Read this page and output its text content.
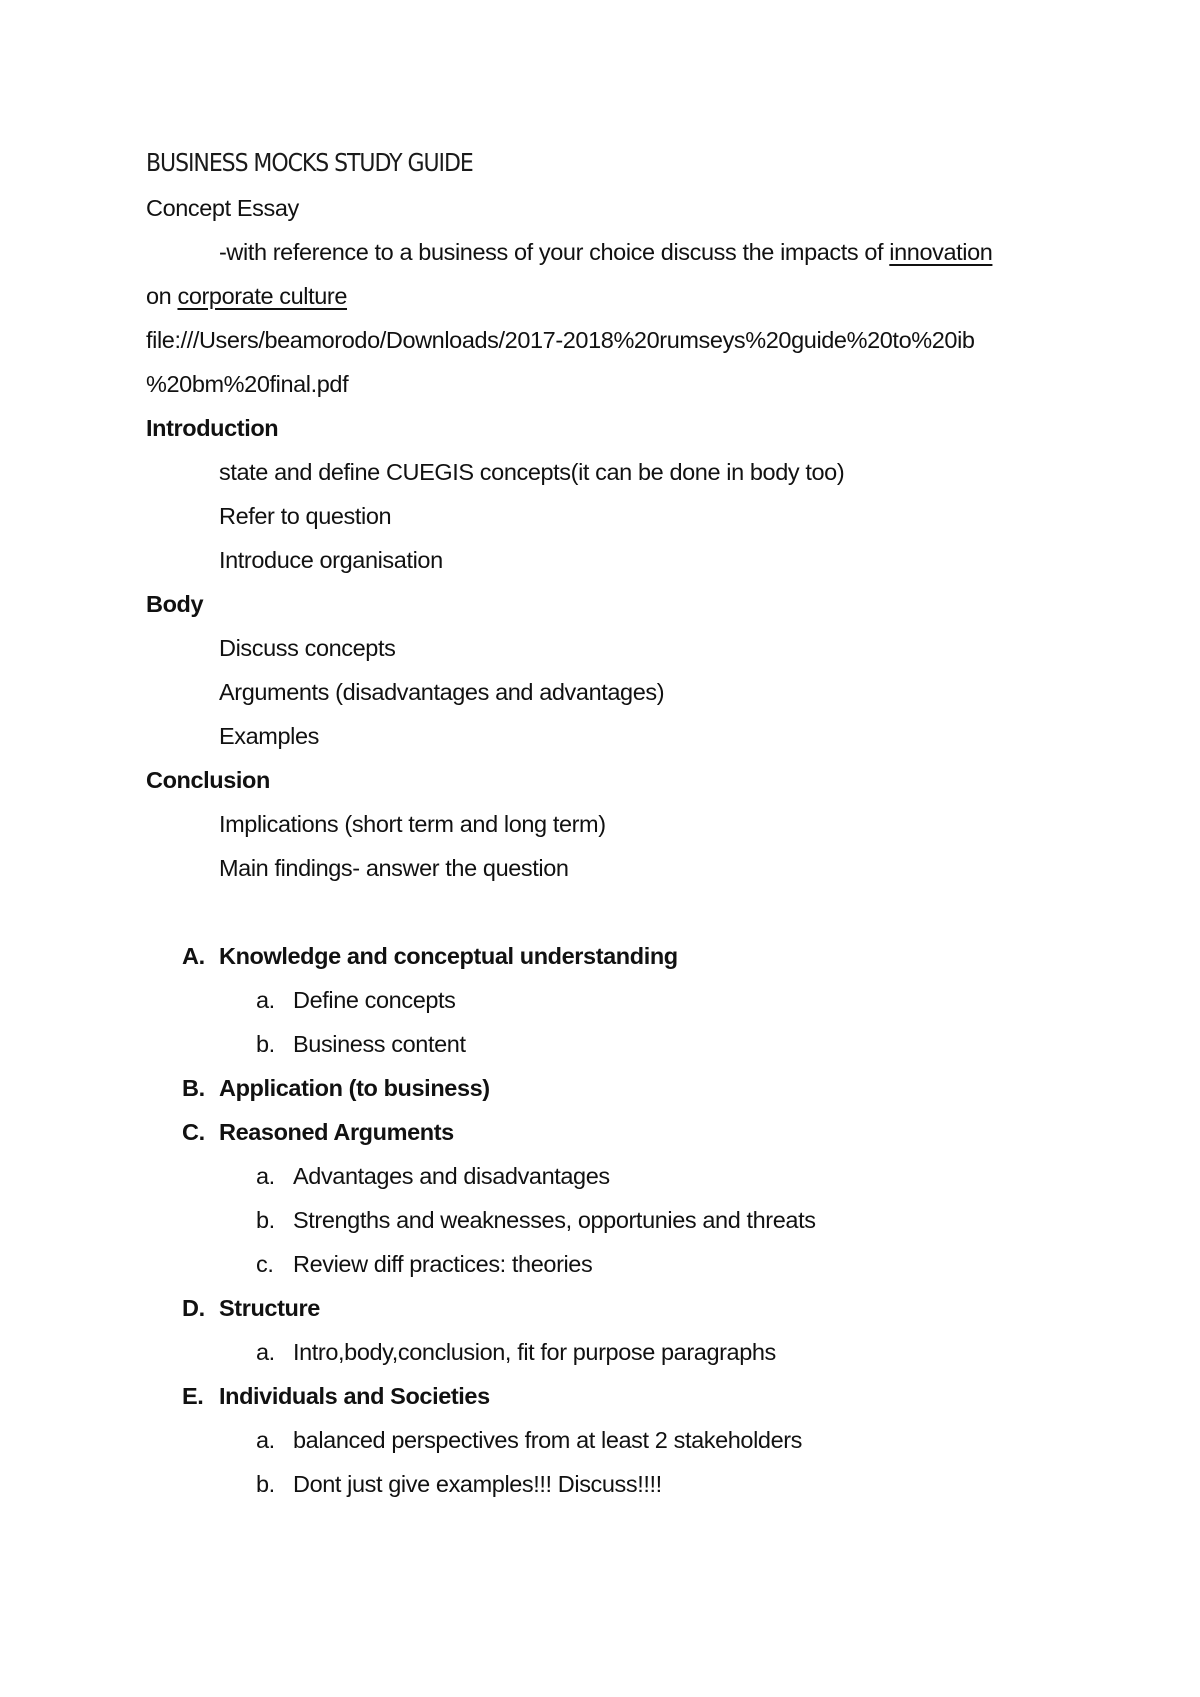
BUSINESS MOCKS STUDY GUIDE
Concept Essay
-with reference to a business of your choice discuss the impacts of innovation
on corporate culture
file:///Users/beamorodo/Downloads/2017-2018%20rumseys%20guide%20to%20ib
%20bm%20final.pdf
Introduction
state and define CUEGIS concepts(it can be done in body too)
Refer to question
Introduce organisation
Body
Discuss concepts
Arguments (disadvantages and advantages)
Examples
Conclusion
Implications (short term and long term)
Main findings- answer the question
A. Knowledge and conceptual understanding
a. Define concepts
b. Business content
B. Application (to business)
C. Reasoned Arguments
a. Advantages and disadvantages
b. Strengths and weaknesses, opportunies and threats
c. Review diff practices: theories
D. Structure
a. Intro,body,conclusion, fit for purpose paragraphs
E. Individuals and Societies
a. balanced perspectives from at least 2 stakeholders
b. Dont just give examples!!! Discuss!!!!
